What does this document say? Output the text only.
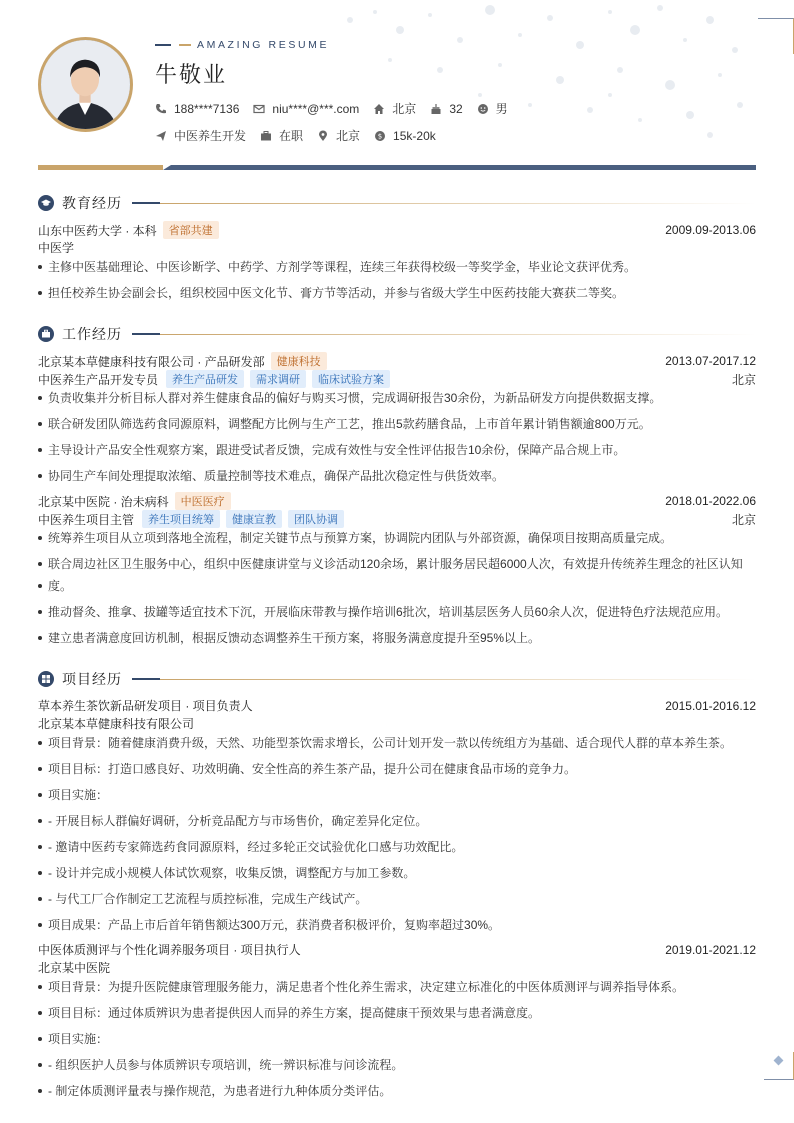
AMAZING RESUME
牛敬业
188****7136	niu****@***.com	北京	32	男
中医养生开发	在职	北京	$ 15k-20k
教育经历
山东中医药大学 · 本科	省部共建	2009.09-2013.06
中医学
主修中医基础理论、中医诊断学、中药学、方剂学等课程，连续三年获得校级一等奖学金，毕业论文获评优秀。
担任校养生协会副会长，组织校园中医文化节、膏方节等活动，并参与省级大学生中医药技能大赛获二等奖。
工作经历
北京某本草健康科技有限公司 · 产品研发部	健康科技	2013.07-2017.12
中医养生产品开发专员	养生产品研发	需求调研	临床试验方案	北京
负责收集并分析目标人群对养生健康食品的偏好与购买习惯，完成调研报告30余份，为新品研发方向提供数据支撑。
联合研发团队筛选药食同源原料，调整配方比例与生产工艺，推出5款药膳食品，上市首年累计销售额逾800万元。
主导设计产品安全性观察方案，跟进受试者反馈，完成有效性与安全性评估报告10余份，保障产品合规上市。
协同生产车间处理提取浓缩、质量控制等技术难点，确保产品批次稳定性与供货效率。
北京某中医院 · 治未病科	中医医疗	2018.01-2022.06
中医养生项目主管	养生项目统筹	健康宣教	团队协调	北京
统筹养生项目从立项到落地全流程，制定关键节点与预算方案，协调院内团队与外部资源，确保项目按期高质量完成。
联合周边社区卫生服务中心，组织中医健康讲堂与义诊活动120余场，累计服务居民超6000人次，有效提升传统养生理念的社区认知
度。
推动督灸、推拿、拔罐等适宜技术下沉，开展临床带教与操作培训6批次，培训基层医务人员60余人次，促进特色疗法规范应用。
建立患者满意度回访机制，根据反馈动态调整养生干预方案，将服务满意度提升至95%以上。
项目经历
草本养生茶饮新品研发项目 · 项目负责人	2015.01-2016.12
北京某本草健康科技有限公司
项目背景：随着健康消费升级，天然、功能型茶饮需求增长，公司计划开发一款以传统组方为基础、适合现代人群的草本养生茶。
项目目标：打造口感良好、功效明确、安全性高的养生茶产品，提升公司在健康食品市场的竞争力。
项目实施：
- 开展目标人群偏好调研，分析竞品配方与市场售价，确定差异化定位。
- 邀请中医药专家筛选药食同源原料，经过多轮正交试验优化口感与功效配比。
- 设计并完成小规模人体试饮观察，收集反馈，调整配方与加工参数。
- 与代工厂合作制定工艺流程与质控标准，完成生产线试产。
项目成果：产品上市后首年销售额达300万元，获消费者积极评价，复购率超过30%。
中医体质测评与个性化调养服务项目 · 项目执行人	2019.01-2021.12
北京某中医院
项目背景：为提升医院健康管理服务能力，满足患者个性化养生需求，决定建立标准化的中医体质测评与调养指导体系。
项目目标：通过体质辨识为患者提供因人而异的养生方案，提高健康干预效果与患者满意度。
项目实施：
- 组织医护人员参与体质辨识专项培训，统一辨识标准与问诊流程。
- 制定体质测评量表与操作规范，为患者进行九种体质分类评估。
